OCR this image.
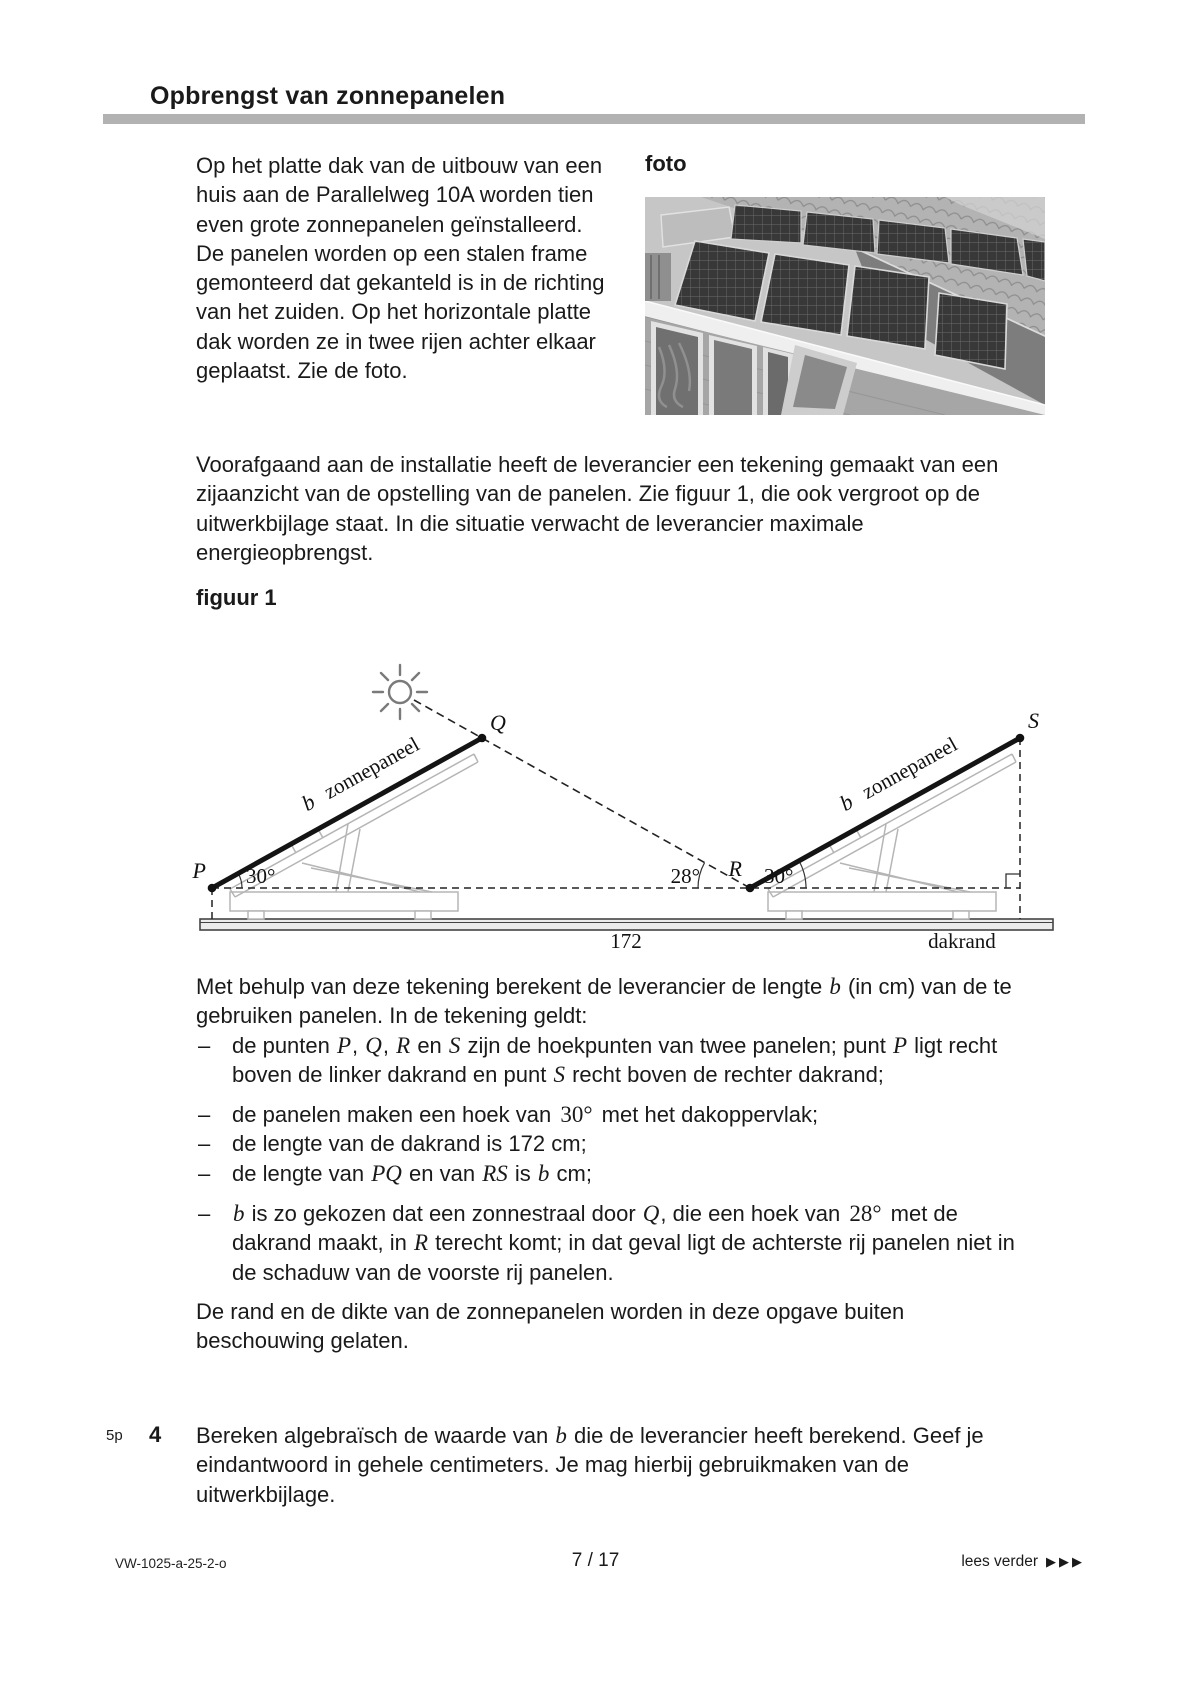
Opbrengst van zonnepanelen
Op het platte dak van de uitbouw van een huis aan de Parallelweg 10A worden tien even grote zonnepanelen geïnstalleerd. De panelen worden op een stalen frame gemonteerd dat gekanteld is in de richting van het zuiden. Op het horizontale platte dak worden ze in twee rijen achter elkaar geplaatst. Zie de foto.
foto
Voorafgaand aan de installatie heeft de leverancier een tekening gemaakt van een zijaanzicht van de opstelling van de panelen. Zie figuur 1, die ook vergroot op de uitwerkbijlage staat. In die situatie verwacht de leverancier maximale energieopbrengst.
figuur 1
P
Q
R
S
30°	28°	30°
bzonnepaneel	bzonnepaneel
172	dakrand
Met behulp van deze tekening berekent de leverancier de lengte b (in cm) van de te gebruiken panelen. In de tekening geldt:
– de punten P, Q, R en S zijn de hoekpunten van twee panelen; punt P ligt recht boven de linker dakrand en punt S recht boven de rechter dakrand;
– de panelen maken een hoek van 30° met het dakoppervlak;
– de lengte van de dakrand is 172 cm;
– de lengte van PQ en van RS is b cm;
– b is zo gekozen dat een zonnestraal door Q, die een hoek van 28° met de dakrand maakt, in R terecht komt; in dat geval ligt de achterste rij panelen niet in de schaduw van de voorste rij panelen.
De rand en de dikte van de zonnepanelen worden in deze opgave buiten beschouwing gelaten.
5p 4 Bereken algebraïsch de waarde van b die de leverancier heeft berekend. Geef je eindantwoord in gehele centimeters. Je mag hierbij gebruikmaken van de uitwerkbijlage.
VW-1025-a-25-2-o	7 / 17	lees verder ▶▶▶
